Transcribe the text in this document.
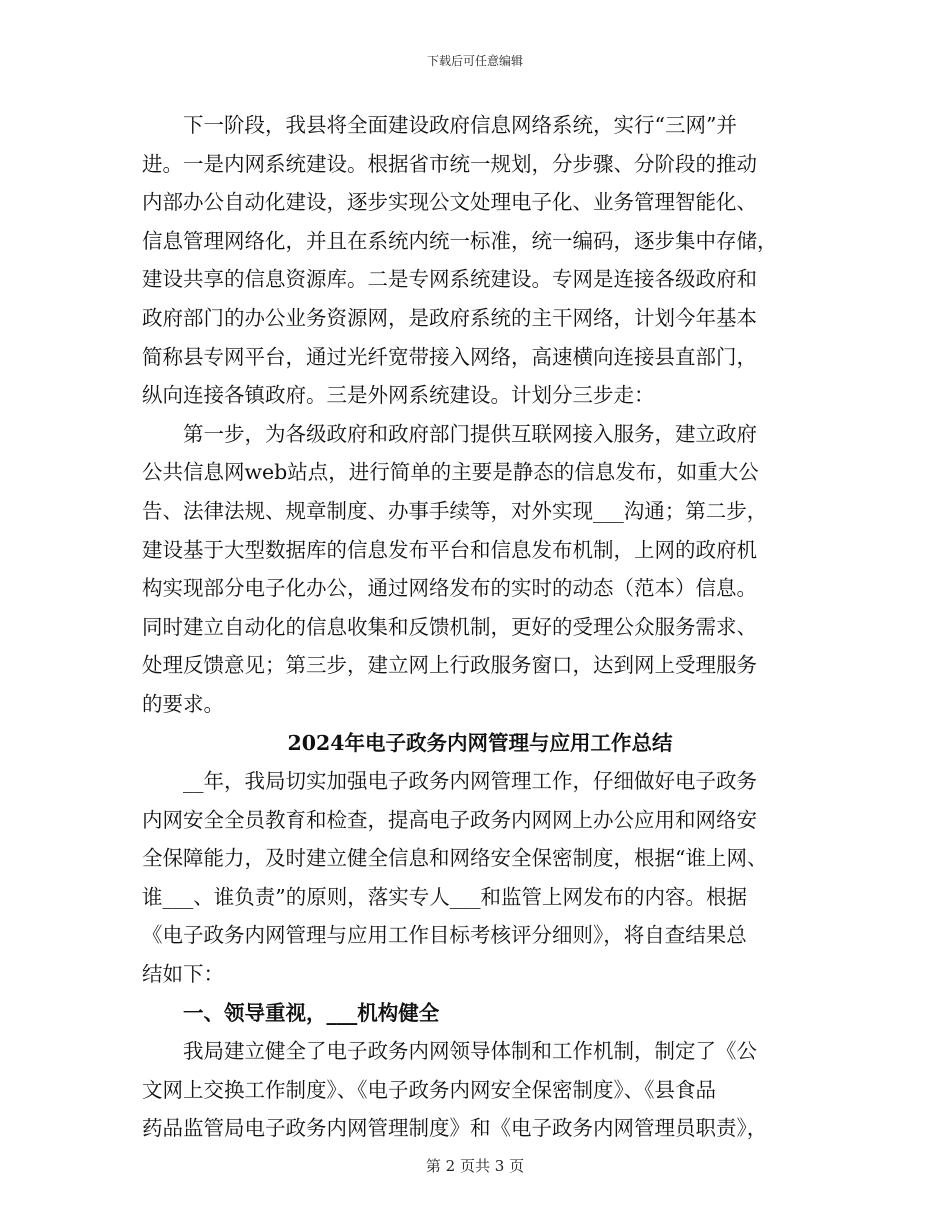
下载后可任意编辑
　　下一阶段，我县将全面建设政府信息网络系统，实行“三网”并
进。一是内网系统建设。根据省市统一规划，分步骤、分阶段的推动
内部办公自动化建设，逐步实现公文处理电子化、业务管理智能化、
信息管理网络化，并且在系统内统一标准，统一编码，逐步集中存储，
建设共享的信息资源库。二是专网系统建设。专网是连接各级政府和
政府部门的办公业务资源网，是政府系统的主干网络，计划今年基本
简称县专网平台，通过光纤宽带接入网络，高速横向连接县直部门，
纵向连接各镇政府。三是外网系统建设。计划分三步走：
　　第一步，为各级政府和政府部门提供互联网接入服务，建立政府
公共信息网web站点，进行简单的主要是静态的信息发布，如重大公
告、法律法规、规章制度、办事手续等，对外实现___沟通；第二步，
建设基于大型数据库的信息发布平台和信息发布机制，上网的政府机
构实现部分电子化办公，通过网络发布的实时的动态（范本）信息。
同时建立自动化的信息收集和反馈机制，更好的受理公众服务需求、
处理反馈意见；第三步，建立网上行政服务窗口，达到网上受理服务
的要求。
2024年电子政务内网管理与应用工作总结
　　__年，我局切实加强电子政务内网管理工作，仔细做好电子政务
内网安全全员教育和检查，提高电子政务内网网上办公应用和网络安
全保障能力，及时建立健全信息和网络安全保密制度，根据“谁上网、
谁___、谁负责”的原则，落实专人___和监管上网发布的内容。根据
《电子政务内网管理与应用工作目标考核评分细则》，将自查结果总
结如下：
　　一、领导重视，___机构健全
　　我局建立健全了电子政务内网领导体制和工作机制，制定了《公
文网上交换工作制度》、《电子政务内网安全保密制度》、《县食品
药品监管局电子政务内网管理制度》和《电子政务内网管理员职责》，
第 2 页共 3 页
